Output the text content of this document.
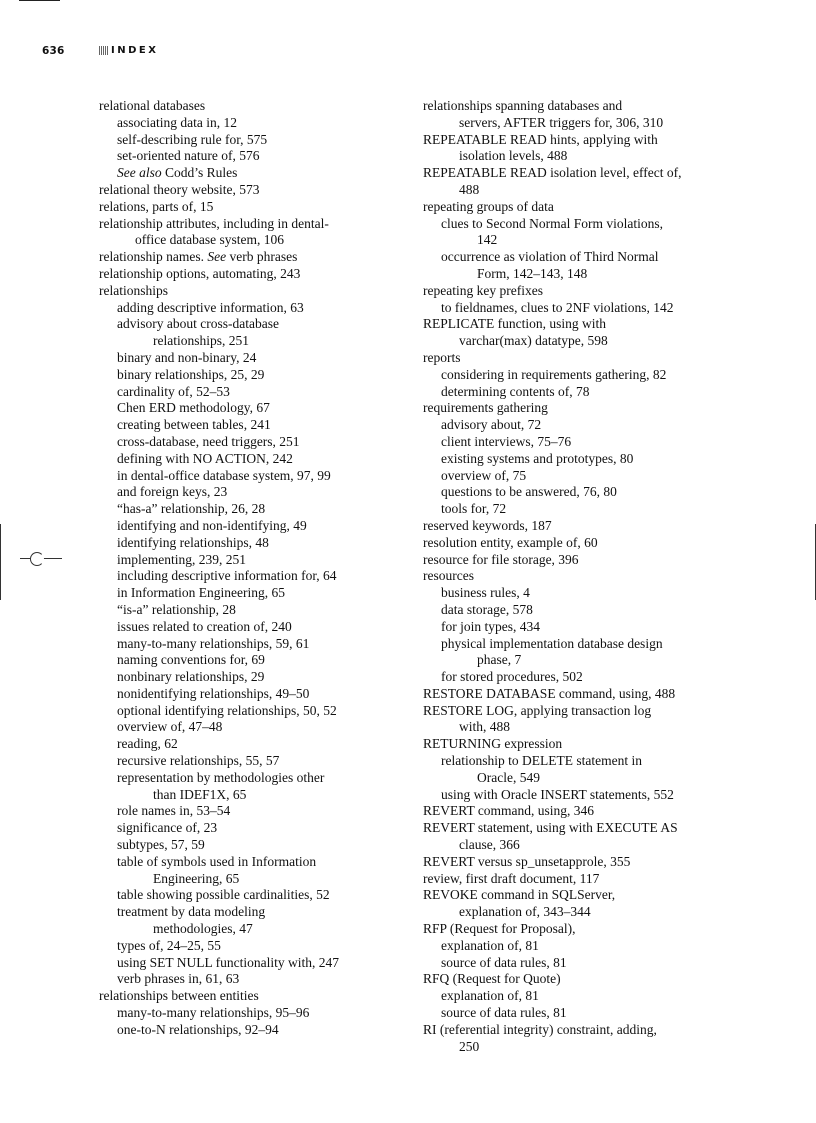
636	INDEX
relational databases
associating data in, 12
self-describing rule for, 575
set-oriented nature of, 576
See also Codd’s Rules
relational theory website, 573
relations, parts of, 15
relationship attributes, including in dental-
office database system, 106
relationship names. See verb phrases
relationship options, automating, 243
relationships
adding descriptive information, 63
advisory about cross-database
relationships, 251
binary and non-binary, 24
binary relationships, 25, 29
cardinality of, 52–53
Chen ERD methodology, 67
creating between tables, 241
cross-database, need triggers, 251
defining with NO ACTION, 242
in dental-office database system, 97, 99
and foreign keys, 23
“has-a” relationship, 26, 28
identifying and non-identifying, 49
identifying relationships, 48
implementing, 239, 251
including descriptive information for, 64
in Information Engineering, 65
“is-a” relationship, 28
issues related to creation of, 240
many-to-many relationships, 59, 61
naming conventions for, 69
nonbinary relationships, 29
nonidentifying relationships, 49–50
optional identifying relationships, 50, 52
overview of, 47–48
reading, 62
recursive relationships, 55, 57
representation by methodologies other
than IDEF1X, 65
role names in, 53–54
significance of, 23
subtypes, 57, 59
table of symbols used in Information
Engineering, 65
table showing possible cardinalities, 52
treatment by data modeling
methodologies, 47
types of, 24–25, 55
using SET NULL functionality with, 247
verb phrases in, 61, 63
relationships between entities
many-to-many relationships, 95–96
one-to-N relationships, 92–94
relationships spanning databases and
servers, AFTER triggers for, 306, 310
REPEATABLE READ hints, applying with
isolation levels, 488
REPEATABLE READ isolation level, effect of,
488
repeating groups of data
clues to Second Normal Form violations,
142
occurrence as violation of Third Normal
Form, 142–143, 148
repeating key prefixes
to fieldnames, clues to 2NF violations, 142
REPLICATE function, using with
varchar(max) datatype, 598
reports
considering in requirements gathering, 82
determining contents of, 78
requirements gathering
advisory about, 72
client interviews, 75–76
existing systems and prototypes, 80
overview of, 75
questions to be answered, 76, 80
tools for, 72
reserved keywords, 187
resolution entity, example of, 60
resource for file storage, 396
resources
business rules, 4
data storage, 578
for join types, 434
physical implementation database design
phase, 7
for stored procedures, 502
RESTORE DATABASE command, using, 488
RESTORE LOG, applying transaction log
with, 488
RETURNING expression
relationship to DELETE statement in
Oracle, 549
using with Oracle INSERT statements, 552
REVERT command, using, 346
REVERT statement, using with EXECUTE AS
clause, 366
REVERT versus sp_unsetapprole, 355
review, first draft document, 117
REVOKE command in SQLServer,
explanation of, 343–344
RFP (Request for Proposal),
explanation of, 81
source of data rules, 81
RFQ (Request for Quote)
explanation of, 81
source of data rules, 81
RI (referential integrity) constraint, adding,
250
